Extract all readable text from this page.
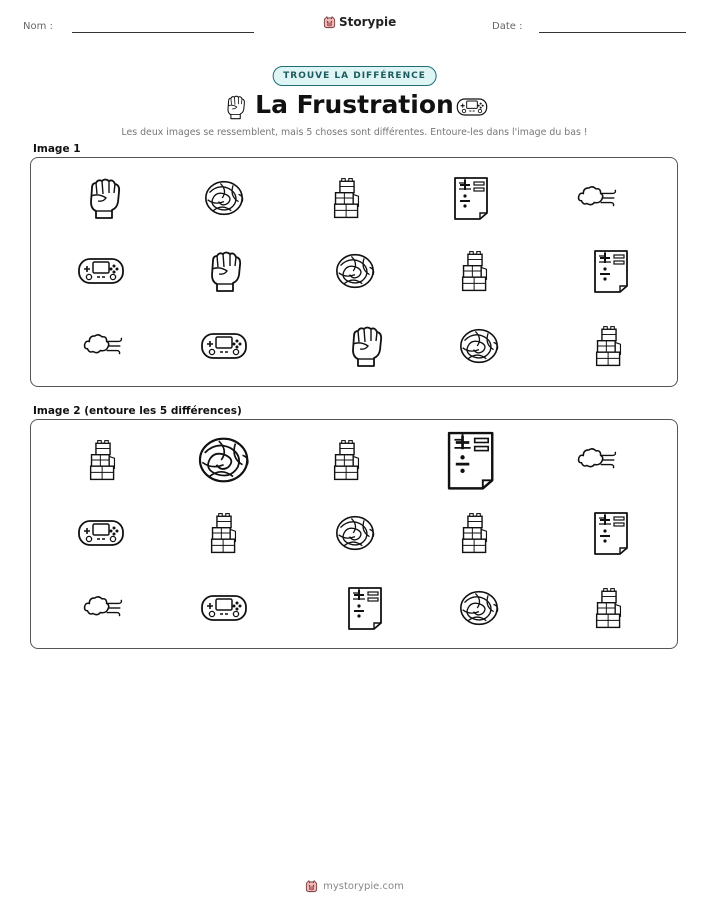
Nom :	Storypie	Date :
TROUVE LA DIFFÉRENCE
La Frustration
Les deux images se ressemblent, mais 5 choses sont différentes. Entoure-les dans l'image du bas !
Image 1
Image 2 (entoure les 5 différences)
mystorypie.com
